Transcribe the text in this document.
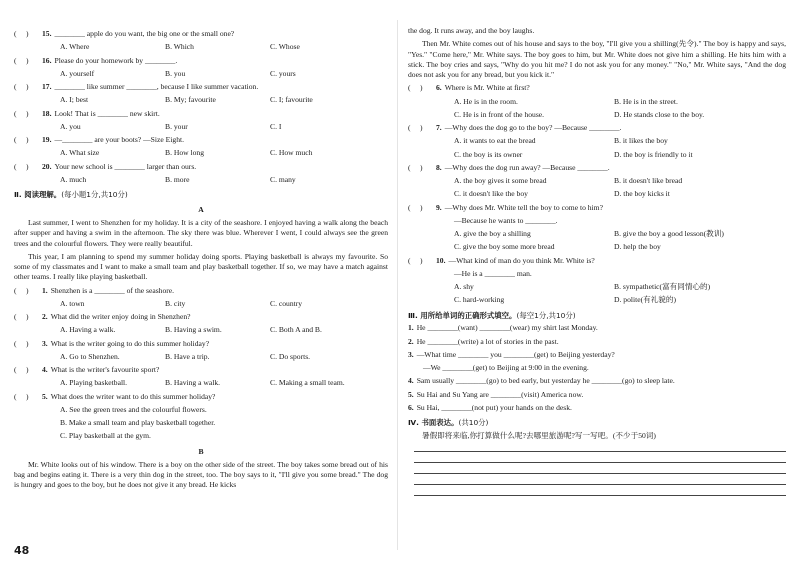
(     )	15. ________ apple do you want, the big one or the small one?
A. Where	B. Which	C. Whose
(     )	16. Please do your homework by ________.
A. yourself	B. you	C. yours
(     )	17. ________ like summer ________, because I like summer vacation.
A. I; best	B. My; favourite	C. I; favourite
(     )	18. Look! That is ________ new skirt.
A. you	B. your	C. I
(     )	19. —________ are your boots? —Size Eight.
A. What size	B. How long	C. How much
(     )	20. Your new school is ________ larger than ours.
A. much	B. more	C. many
Ⅱ. 阅读理解。(每小题1分,共10分)
A
Last summer, I went to Shenzhen for my holiday. It is a city of the seashore. I enjoyed having a walk along the beach after supper and having a swim in the afternoon. The sky there was blue. Wherever I went, I could always see the green trees and the colourful flowers. They were really beautiful.
This year, I am planning to spend my summer holiday doing sports. Playing basketball is always my favourite. So some of my classmates and I want to make a small team and play basketball together. If so, we may have a match against other teams. I really like playing basketball.
(     )	1. Shenzhen is a ________ of the seashore.
A. town	B. city	C. country
(     )	2. What did the writer enjoy doing in Shenzhen?
A. Having a walk.	B. Having a swim.	C. Both A and B.
(     )	3. What is the writer going to do this summer holiday?
A. Go to Shenzhen.	B. Have a trip.	C. Do sports.
(     )	4. What is the writer's favourite sport?
A. Playing basketball.	B. Having a walk.	C. Making a small team.
(     )	5. What does the writer want to do this summer holiday?
A. See the green trees and the colourful flowers.
B. Make a small team and play basketball together.
C. Play basketball at the gym.
B
Mr. White looks out of his window. There is a boy on the other side of the street. The boy takes some bread out of his bag and begins eating it. There is a very thin dog in the street, too. The boy says to it, "I'll give you some bread." The dog is hungry and goes to the boy, but he does not give it any bread. He kicks
48
the dog. It runs away, and the boy laughs.
Then Mr. White comes out of his house and says to the boy, "I'll give you a shilling(先令)." The boy is happy and says, "Yes." "Come here," Mr. White says. The boy goes to him, but Mr. White does not give him a shilling. He hits him with a stick. The boy cries and says, "Why do you hit me? I do not ask you for any money." "No," Mr. White says, "And the dog does not ask you for any bread, but you kick it."
(     )	6. Where is Mr. White at first?
A. He is in the room.	B. He is in the street.
C. He is in front of the house.	D. He stands close to the boy.
(     )	7. —Why does the dog go to the boy? —Because ________.
A. it wants to eat the bread	B. it likes the boy
C. the boy is its owner	D. the boy is friendly to it
(     )	8. —Why does the dog run away? —Because ________.
A. the boy gives it some bread	B. it doesn't like bread
C. it doesn't like the boy	D. the boy kicks it
(     )	9. —Why does Mr. White tell the boy to come to him?
—Because he wants to ________.
A. give the boy a shilling	B. give the boy a good lesson(教训)
C. give the boy some more bread	D. help the boy
(     )	10. —What kind of man do you think Mr. White is?
—He is a ________ man.
A. shy	B. sympathetic(富有同情心的)
C. hard-working	D. polite(有礼貌的)
Ⅲ. 用所给单词的正确形式填空。(每空1分,共10分)
1. He ________(want) ________(wear) my shirt last Monday.
2. He ________(write) a lot of stories in the past.
3. —What time ________ you ________(get) to Beijing yesterday?
—We ________(get) to Beijing at 9:00 in the evening.
4. Sam usually ________(go) to bed early, but yesterday he ________(go) to sleep late.
5. Su Hai and Su Yang are ________(visit) America now.
6. Su Hai, ________(not put) your hands on the desk.
Ⅳ. 书面表达。(共10分)
暑假即将来临,你打算做什么呢?去哪里旅游呢?写一写吧。(不少于50词)
